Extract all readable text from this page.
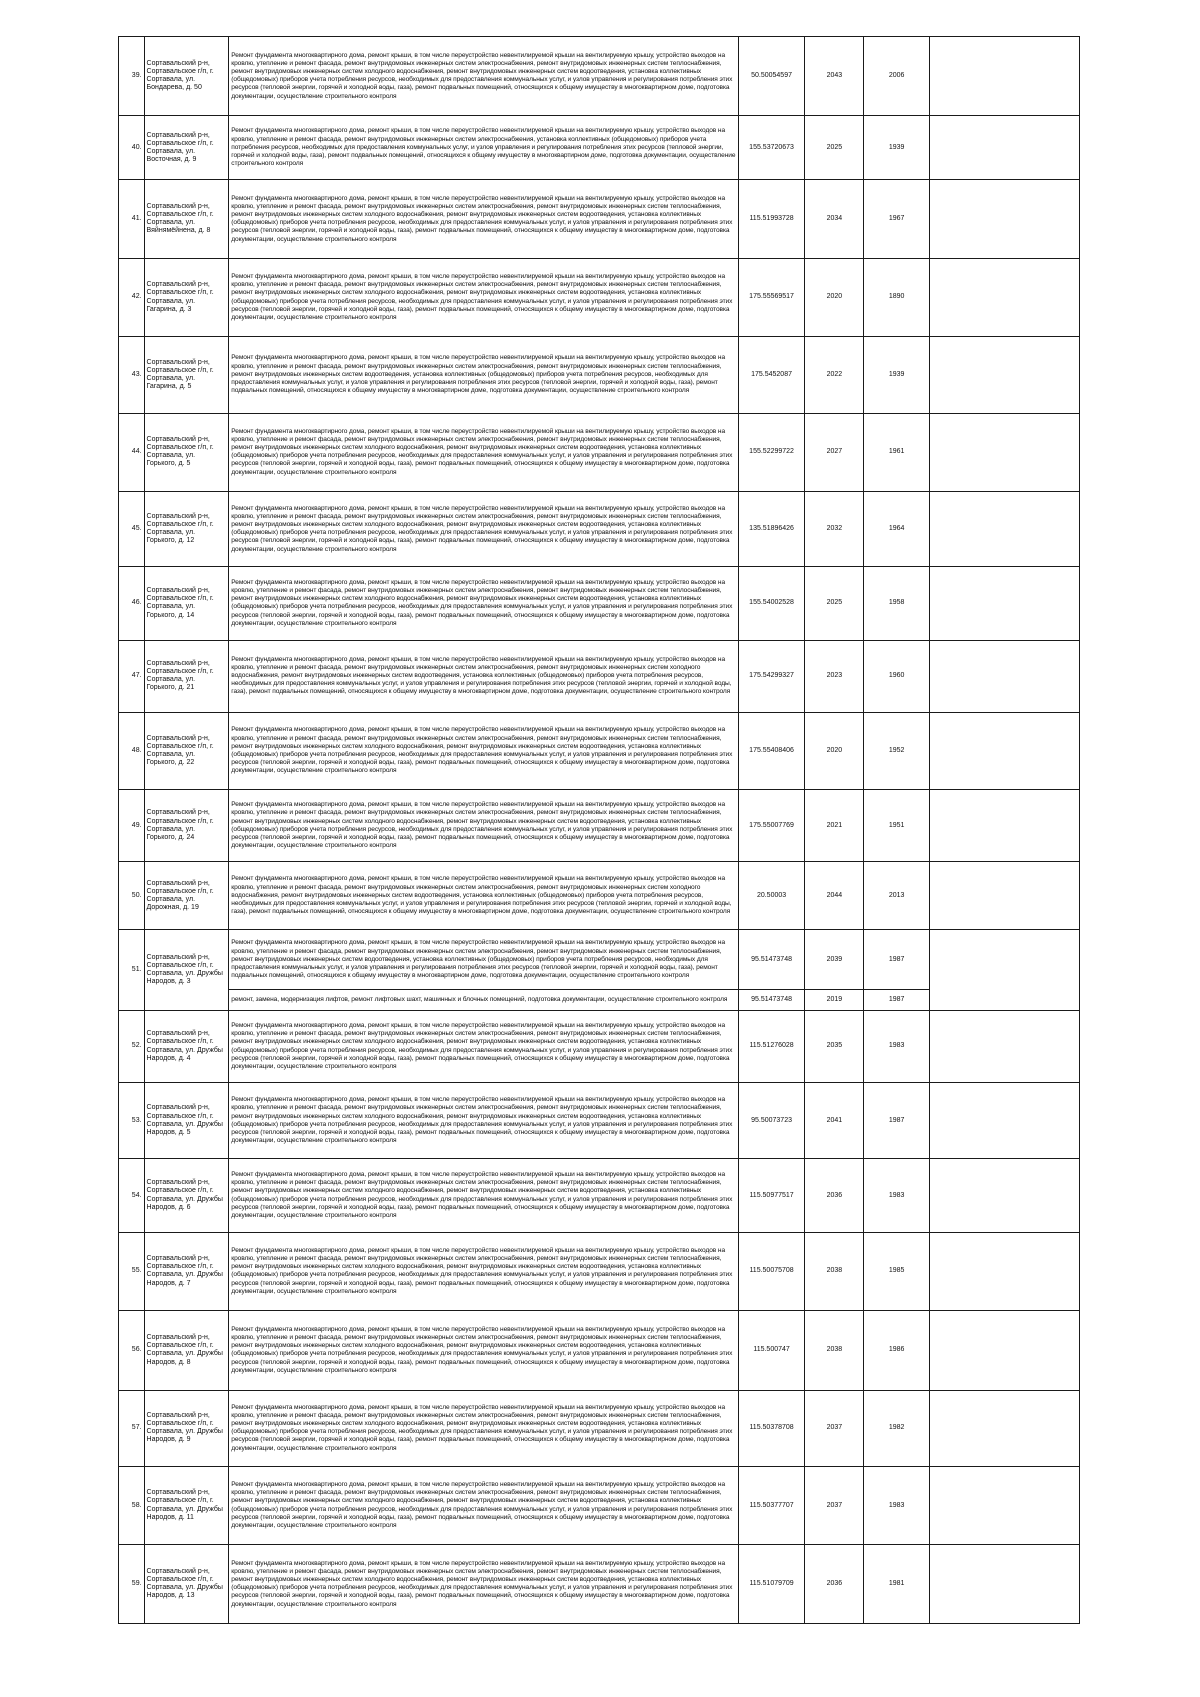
39.	Сортавальский р-н, Сортавальское г/п, г. Сортавала, ул. Бондарева, д. 50	Ремонт фундамента многоквартирного дома, ремонт крыши, в том числе переустройство невентилируемой крыши на вентилируемую крышу, устройство выходов на кровлю, утепление и ремонт фасада, ремонт внутридомовых инженерных систем электроснабжения, ремонт внутридомовых инженерных систем теплоснабжения, ремонт внутридомовых инженерных систем холодного водоснабжения, ремонт внутридомовых инженерных систем водоотведения, установка коллективных (общедомовых) приборов учета потребления ресурсов, необходимых для предоставления коммунальных услуг, и узлов управления и регулирования потребления этих ресурсов (тепловой энергии, горячей и холодной воды, газа), ремонт подвальных помещений, относящихся к общему имуществу в многоквартирном доме, подготовка документации, осуществление строительного контроля	50.50054597	2043	2006	
40.	Сортавальский р-н, Сортавальское г/п, г. Сортавала, ул. Восточная, д. 9	Ремонт фундамента многоквартирного дома, ремонт крыши, в том числе переустройство невентилируемой крыши на вентилируемую крышу, устройство выходов на кровлю, утепление и ремонт фасада, ремонт внутридомовых инженерных систем электроснабжения, установка коллективных (общедомовых) приборов учета потребления ресурсов, необходимых для предоставления коммунальных услуг, и узлов управления и регулирования потребления этих ресурсов (тепловой энергии, горячей и холодной воды, газа), ремонт подвальных помещений, относящихся к общему имуществу в многоквартирном доме, подготовка документации, осуществление строительного контроля	155.53720673	2025	1939	
41.	Сортавальский р-н, Сортавальское г/п, г. Сортавала, ул. Вяйнямёйнена, д. 8	Ремонт фундамента многоквартирного дома, ремонт крыши, в том числе переустройство невентилируемой крыши на вентилируемую крышу, устройство выходов на кровлю, утепление и ремонт фасада, ремонт внутридомовых инженерных систем электроснабжения, ремонт внутридомовых инженерных систем теплоснабжения, ремонт внутридомовых инженерных систем холодного водоснабжения, ремонт внутридомовых инженерных систем водоотведения, установка коллективных (общедомовых) приборов учета потребления ресурсов, необходимых для предоставления коммунальных услуг, и узлов управления и регулирования потребления этих ресурсов (тепловой энергии, горячей и холодной воды, газа), ремонт подвальных помещений, относящихся к общему имуществу в многоквартирном доме, подготовка документации, осуществление строительного контроля	115.51993728	2034	1967	
42.	Сортавальский р-н, Сортавальское г/п, г. Сортавала, ул. Гагарина, д. 3	Ремонт фундамента многоквартирного дома, ремонт крыши, в том числе переустройство невентилируемой крыши на вентилируемую крышу, устройство выходов на кровлю, утепление и ремонт фасада, ремонт внутридомовых инженерных систем электроснабжения, ремонт внутридомовых инженерных систем теплоснабжения, ремонт внутридомовых инженерных систем холодного водоснабжения, ремонт внутридомовых инженерных систем водоотведения, установка коллективных (общедомовых) приборов учета потребления ресурсов, необходимых для предоставления коммунальных услуг, и узлов управления и регулирования потребления этих ресурсов (тепловой энергии, горячей и холодной воды, газа), ремонт подвальных помещений, относящихся к общему имуществу в многоквартирном доме, подготовка документации, осуществление строительного контроля	175.55569517	2020	1890	
43.	Сортавальский р-н, Сортавальское г/п, г. Сортавала, ул. Гагарина, д. 5	Ремонт фундамента многоквартирного дома, ремонт крыши, в том числе переустройство невентилируемой крыши на вентилируемую крышу, устройство выходов на кровлю, утепление и ремонт фасада, ремонт внутридомовых инженерных систем электроснабжения, ремонт внутридомовых инженерных систем теплоснабжения, ремонт внутридомовых инженерных систем водоотведения, установка коллективных (общедомовых) приборов учета потребления ресурсов, необходимых для предоставления коммунальных услуг, и узлов управления и регулирования потребления этих ресурсов (тепловой энергии, горячей и холодной воды, газа), ремонт подвальных помещений, относящихся к общему имуществу в многоквартирном доме, подготовка документации, осуществление строительного контроля	175.5452087	2022	1939	
44.	Сортавальский р-н, Сортавальское г/п, г. Сортавала, ул. Горького, д. 5	Ремонт фундамента многоквартирного дома, ремонт крыши, в том числе переустройство невентилируемой крыши на вентилируемую крышу, устройство выходов на кровлю, утепление и ремонт фасада, ремонт внутридомовых инженерных систем электроснабжения, ремонт внутридомовых инженерных систем теплоснабжения, ремонт внутридомовых инженерных систем холодного водоснабжения, ремонт внутридомовых инженерных систем водоотведения, установка коллективных (общедомовых) приборов учета потребления ресурсов, необходимых для предоставления коммунальных услуг, и узлов управления и регулирования потребления этих ресурсов (тепловой энергии, горячей и холодной воды, газа), ремонт подвальных помещений, относящихся к общему имуществу в многоквартирном доме, подготовка документации, осуществление строительного контроля	155.52299722	2027	1961	
45.	Сортавальский р-н, Сортавальское г/п, г. Сортавала, ул. Горького, д. 12	Ремонт фундамента многоквартирного дома, ремонт крыши, в том числе переустройство невентилируемой крыши на вентилируемую крышу, устройство выходов на кровлю, утепление и ремонт фасада, ремонт внутридомовых инженерных систем электроснабжения, ремонт внутридомовых инженерных систем теплоснабжения, ремонт внутридомовых инженерных систем холодного водоснабжения, ремонт внутридомовых инженерных систем водоотведения, установка коллективных (общедомовых) приборов учета потребления ресурсов, необходимых для предоставления коммунальных услуг, и узлов управления и регулирования потребления этих ресурсов (тепловой энергии, горячей и холодной воды, газа), ремонт подвальных помещений, относящихся к общему имуществу в многоквартирном доме, подготовка документации, осуществление строительного контроля	135.51896426	2032	1964	
46.	Сортавальский р-н, Сортавальское г/п, г. Сортавала, ул. Горького, д. 14	Ремонт фундамента многоквартирного дома, ремонт крыши, в том числе переустройство невентилируемой крыши на вентилируемую крышу, устройство выходов на кровлю, утепление и ремонт фасада, ремонт внутридомовых инженерных систем электроснабжения, ремонт внутридомовых инженерных систем теплоснабжения, ремонт внутридомовых инженерных систем холодного водоснабжения, ремонт внутридомовых инженерных систем водоотведения, установка коллективных (общедомовых) приборов учета потребления ресурсов, необходимых для предоставления коммунальных услуг, и узлов управления и регулирования потребления этих ресурсов (тепловой энергии, горячей и холодной воды, газа), ремонт подвальных помещений, относящихся к общему имуществу в многоквартирном доме, подготовка документации, осуществление строительного контроля	155.54002528	2025	1958	
47.	Сортавальский р-н, Сортавальское г/п, г. Сортавала, ул. Горького, д. 21	Ремонт фундамента многоквартирного дома, ремонт крыши, в том числе переустройство невентилируемой крыши на вентилируемую крышу, устройство выходов на кровлю, утепление и ремонт фасада, ремонт внутридомовых инженерных систем электроснабжения, ремонт внутридомовых инженерных систем холодного водоснабжения, ремонт внутридомовых инженерных систем водоотведения, установка коллективных (общедомовых) приборов учета потребления ресурсов, необходимых для предоставления коммунальных услуг, и узлов управления и регулирования потребления этих ресурсов (тепловой энергии, горячей и холодной воды, газа), ремонт подвальных помещений, относящихся к общему имуществу в многоквартирном доме, подготовка документации, осуществление строительного контроля	175.54299327	2023	1960	
48.	Сортавальский р-н, Сортавальское г/п, г. Сортавала, ул. Горького, д. 22	Ремонт фундамента многоквартирного дома, ремонт крыши, в том числе переустройство невентилируемой крыши на вентилируемую крышу, устройство выходов на кровлю, утепление и ремонт фасада, ремонт внутридомовых инженерных систем электроснабжения, ремонт внутридомовых инженерных систем теплоснабжения, ремонт внутридомовых инженерных систем холодного водоснабжения, ремонт внутридомовых инженерных систем водоотведения, установка коллективных (общедомовых) приборов учета потребления ресурсов, необходимых для предоставления коммунальных услуг, и узлов управления и регулирования потребления этих ресурсов (тепловой энергии, горячей и холодной воды, газа), ремонт подвальных помещений, относящихся к общему имуществу в многоквартирном доме, подготовка документации, осуществление строительного контроля	175.55408406	2020	1952	
49.	Сортавальский р-н, Сортавальское г/п, г. Сортавала, ул. Горького, д. 24	Ремонт фундамента многоквартирного дома, ремонт крыши, в том числе переустройство невентилируемой крыши на вентилируемую крышу, устройство выходов на кровлю, утепление и ремонт фасада, ремонт внутридомовых инженерных систем электроснабжения, ремонт внутридомовых инженерных систем теплоснабжения, ремонт внутридомовых инженерных систем холодного водоснабжения, ремонт внутридомовых инженерных систем водоотведения, установка коллективных (общедомовых) приборов учета потребления ресурсов, необходимых для предоставления коммунальных услуг, и узлов управления и регулирования потребления этих ресурсов (тепловой энергии, горячей и холодной воды, газа), ремонт подвальных помещений, относящихся к общему имуществу в многоквартирном доме, подготовка документации, осуществление строительного контроля	175.55007769	2021	1951	
50.	Сортавальский р-н, Сортавальское г/п, г. Сортавала, ул. Дорожная, д. 19	Ремонт фундамента многоквартирного дома, ремонт крыши, в том числе переустройство невентилируемой крыши на вентилируемую крышу, устройство выходов на кровлю, утепление и ремонт фасада, ремонт внутридомовых инженерных систем электроснабжения, ремонт внутридомовых инженерных систем холодного водоснабжения, ремонт внутридомовых инженерных систем водоотведения, установка коллективных (общедомовых) приборов учета потребления ресурсов, необходимых для предоставления коммунальных услуг, и узлов управления и регулирования потребления этих ресурсов (тепловой энергии, горячей и холодной воды, газа), ремонт подвальных помещений, относящихся к общему имуществу в многоквартирном доме, подготовка документации, осуществление строительного контроля	20.50003	2044	2013	
51.	Сортавальский р-н, Сортавальское г/п, г. Сортавала, ул. Дружбы Народов, д. 3	Ремонт фундамента многоквартирного дома, ремонт крыши, в том числе переустройство невентилируемой крыши на вентилируемую крышу, устройство выходов на кровлю, утепление и ремонт фасада, ремонт внутридомовых инженерных систем электроснабжения, ремонт внутридомовых инженерных систем теплоснабжения, ремонт внутридомовых инженерных систем водоотведения, установка коллективных (общедомовых) приборов учета потребления ресурсов, необходимых для предоставления коммунальных услуг, и узлов управления и регулирования потребления этих ресурсов (тепловой энергии, горячей и холодной воды, газа), ремонт подвальных помещений, относящихся к общему имуществу в многоквартирном доме, подготовка документации, осуществление строительного контроля	95.51473748	2039	1987	
		ремонт, замена, модернизация лифтов, ремонт лифтовых шахт, машинных и блочных помещений, подготовка документации, осуществление строительного контроля	95.51473748	2019	1987	
52.	Сортавальский р-н, Сортавальское г/п, г. Сортавала, ул. Дружбы Народов, д. 4	Ремонт фундамента многоквартирного дома, ремонт крыши, в том числе переустройство невентилируемой крыши на вентилируемую крышу, устройство выходов на кровлю, утепление и ремонт фасада, ремонт внутридомовых инженерных систем электроснабжения, ремонт внутридомовых инженерных систем теплоснабжения, ремонт внутридомовых инженерных систем холодного водоснабжения, ремонт внутридомовых инженерных систем водоотведения, установка коллективных (общедомовых) приборов учета потребления ресурсов, необходимых для предоставления коммунальных услуг, и узлов управления и регулирования потребления этих ресурсов (тепловой энергии, горячей и холодной воды, газа), ремонт подвальных помещений, относящихся к общему имуществу в многоквартирном доме, подготовка документации, осуществление строительного контроля	115.51276028	2035	1983	
53.	Сортавальский р-н, Сортавальское г/п, г. Сортавала, ул. Дружбы Народов, д. 5	Ремонт фундамента многоквартирного дома, ремонт крыши, в том числе переустройство невентилируемой крыши на вентилируемую крышу, устройство выходов на кровлю, утепление и ремонт фасада, ремонт внутридомовых инженерных систем электроснабжения, ремонт внутридомовых инженерных систем теплоснабжения, ремонт внутридомовых инженерных систем холодного водоснабжения, ремонт внутридомовых инженерных систем водоотведения, установка коллективных (общедомовых) приборов учета потребления ресурсов, необходимых для предоставления коммунальных услуг, и узлов управления и регулирования потребления этих ресурсов (тепловой энергии, горячей и холодной воды, газа), ремонт подвальных помещений, относящихся к общему имуществу в многоквартирном доме, подготовка документации, осуществление строительного контроля	95.50073723	2041	1987	
54.	Сортавальский р-н, Сортавальское г/п, г. Сортавала, ул. Дружбы Народов, д. 6	Ремонт фундамента многоквартирного дома, ремонт крыши, в том числе переустройство невентилируемой крыши на вентилируемую крышу, устройство выходов на кровлю, утепление и ремонт фасада, ремонт внутридомовых инженерных систем электроснабжения, ремонт внутридомовых инженерных систем теплоснабжения, ремонт внутридомовых инженерных систем холодного водоснабжения, ремонт внутридомовых инженерных систем водоотведения, установка коллективных (общедомовых) приборов учета потребления ресурсов, необходимых для предоставления коммунальных услуг, и узлов управления и регулирования потребления этих ресурсов (тепловой энергии, горячей и холодной воды, газа), ремонт подвальных помещений, относящихся к общему имуществу в многоквартирном доме, подготовка документации, осуществление строительного контроля	115.50977517	2036	1983	
55.	Сортавальский р-н, Сортавальское г/п, г. Сортавала, ул. Дружбы Народов, д. 7	Ремонт фундамента многоквартирного дома, ремонт крыши, в том числе переустройство невентилируемой крыши на вентилируемую крышу, устройство выходов на кровлю, утепление и ремонт фасада, ремонт внутридомовых инженерных систем электроснабжения, ремонт внутридомовых инженерных систем теплоснабжения, ремонт внутридомовых инженерных систем холодного водоснабжения, ремонт внутридомовых инженерных систем водоотведения, установка коллективных (общедомовых) приборов учета потребления ресурсов, необходимых для предоставления коммунальных услуг, и узлов управления и регулирования потребления этих ресурсов (тепловой энергии, горячей и холодной воды, газа), ремонт подвальных помещений, относящихся к общему имуществу в многоквартирном доме, подготовка документации, осуществление строительного контроля	115.50075708	2038	1985	
56.	Сортавальский р-н, Сортавальское г/п, г. Сортавала, ул. Дружбы Народов, д. 8	Ремонт фундамента многоквартирного дома, ремонт крыши, в том числе переустройство невентилируемой крыши на вентилируемую крышу, устройство выходов на кровлю, утепление и ремонт фасада, ремонт внутридомовых инженерных систем электроснабжения, ремонт внутридомовых инженерных систем теплоснабжения, ремонт внутридомовых инженерных систем холодного водоснабжения, ремонт внутридомовых инженерных систем водоотведения, установка коллективных (общедомовых) приборов учета потребления ресурсов, необходимых для предоставления коммунальных услуг, и узлов управления и регулирования потребления этих ресурсов (тепловой энергии, горячей и холодной воды, газа), ремонт подвальных помещений, относящихся к общему имуществу в многоквартирном доме, подготовка документации, осуществление строительного контроля	115.500747	2038	1986	
57.	Сортавальский р-н, Сортавальское г/п, г. Сортавала, ул. Дружбы Народов, д. 9	Ремонт фундамента многоквартирного дома, ремонт крыши, в том числе переустройство невентилируемой крыши на вентилируемую крышу, устройство выходов на кровлю, утепление и ремонт фасада, ремонт внутридомовых инженерных систем электроснабжения, ремонт внутридомовых инженерных систем теплоснабжения, ремонт внутридомовых инженерных систем холодного водоснабжения, ремонт внутридомовых инженерных систем водоотведения, установка коллективных (общедомовых) приборов учета потребления ресурсов, необходимых для предоставления коммунальных услуг, и узлов управления и регулирования потребления этих ресурсов (тепловой энергии, горячей и холодной воды, газа), ремонт подвальных помещений, относящихся к общему имуществу в многоквартирном доме, подготовка документации, осуществление строительного контроля	115.50378708	2037	1982	
58.	Сортавальский р-н, Сортавальское г/п, г. Сортавала, ул. Дружбы Народов, д. 11	Ремонт фундамента многоквартирного дома, ремонт крыши, в том числе переустройство невентилируемой крыши на вентилируемую крышу, устройство выходов на кровлю, утепление и ремонт фасада, ремонт внутридомовых инженерных систем электроснабжения, ремонт внутридомовых инженерных систем теплоснабжения, ремонт внутридомовых инженерных систем холодного водоснабжения, ремонт внутридомовых инженерных систем водоотведения, установка коллективных (общедомовых) приборов учета потребления ресурсов, необходимых для предоставления коммунальных услуг, и узлов управления и регулирования потребления этих ресурсов (тепловой энергии, горячей и холодной воды, газа), ремонт подвальных помещений, относящихся к общему имуществу в многоквартирном доме, подготовка документации, осуществление строительного контроля	115.50377707	2037	1983	
59.	Сортавальский р-н, Сортавальское г/п, г. Сортавала, ул. Дружбы Народов, д. 13	Ремонт фундамента многоквартирного дома, ремонт крыши, в том числе переустройство невентилируемой крыши на вентилируемую крышу, устройство выходов на кровлю, утепление и ремонт фасада, ремонт внутридомовых инженерных систем электроснабжения, ремонт внутридомовых инженерных систем теплоснабжения, ремонт внутридомовых инженерных систем холодного водоснабжения, ремонт внутридомовых инженерных систем водоотведения, установка коллективных (общедомовых) приборов учета потребления ресурсов, необходимых для предоставления коммунальных услуг, и узлов управления и регулирования потребления этих ресурсов (тепловой энергии, горячей и холодной воды, газа), ремонт подвальных помещений, относящихся к общему имуществу в многоквартирном доме, подготовка документации, осуществление строительного контроля	115.51079709	2036	1981	
